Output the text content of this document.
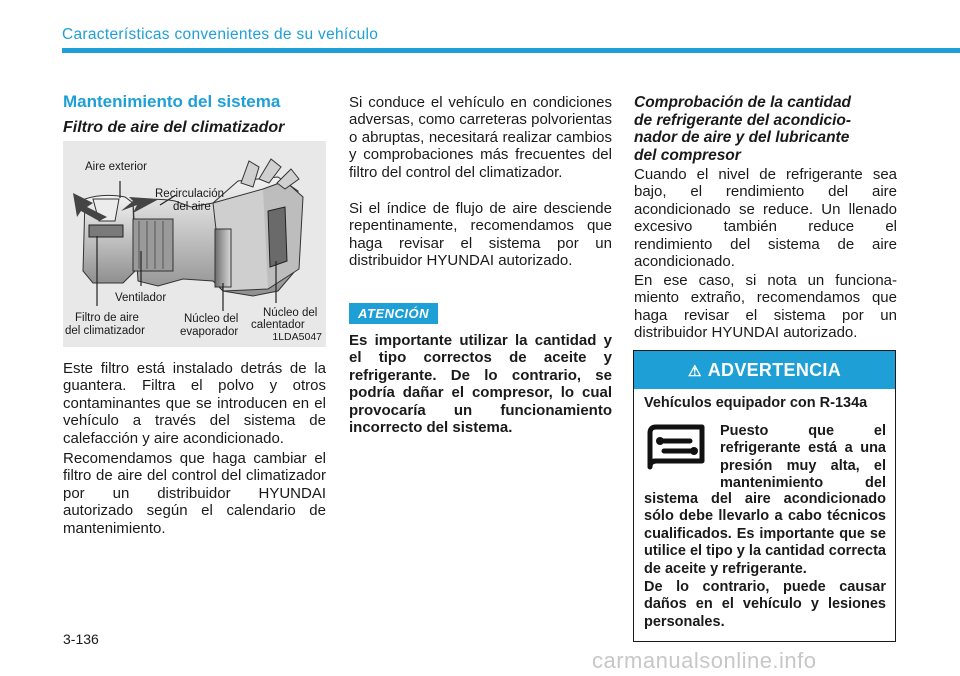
Características convenientes de su vehículo
Mantenimiento del sistema
Filtro de aire del climatizador
Aire exterior
Recirculación
del aire
Ventilador
Filtro de aire
del climatizador
Núcleo del
evaporador
Núcleo del
calentador
1LDA5047

Este filtro está instalado detrás de la guantera. Filtra el polvo y otros contaminantes que se introducen en el vehículo a través del sistema de calefacción y aire acondicionado.

Recomendamos que haga cambiar el filtro de aire del control del climatizador por un distribuidor HYUNDAI autorizado según el calendario de mantenimiento.

Si conduce el vehículo en condiciones adversas, como carreteras polvorientas o abruptas, necesitará realizar cambios y comprobaciones más frecuentes del filtro del control del climatizador.

Si el índice de flujo de aire desciende repentinamente, recomendamos que haga revisar el sistema por un distribuidor HYUNDAI autorizado.

ATENCIÓN

Es importante utilizar la cantidad y el tipo correctos de aceite y refrigerante. De lo contrario, se podría dañar el compresor, lo cual provocaría un funcionamiento incorrecto del sistema.

Comprobación de la cantidad
de refrigerante del acondicio-
nador de aire y del lubricante
del compresor

Cuando el nivel de refrigerante sea bajo, el rendimiento del aire acondicionado se reduce. Un llenado excesivo también reduce el rendimiento del sistema de aire acondicionado.

En ese caso, si nota un funciona-miento extraño, recomendamos que haga revisar el sistema por un distribuidor HYUNDAI autorizado.

⚠ ADVERTENCIA
Vehículos equipador con R-134a
Puesto que el
refrigerante está a una
presión muy alta, el
mantenimiento del

sistema del aire acondicionado sólo debe llevarlo a cabo técnicos cualificados. Es importante que se utilice el tipo y la cantidad correcta de aceite y refrigerante.

De lo contrario, puede causar daños en el vehículo y lesiones personales.

3-136
carmanualsonline.info
